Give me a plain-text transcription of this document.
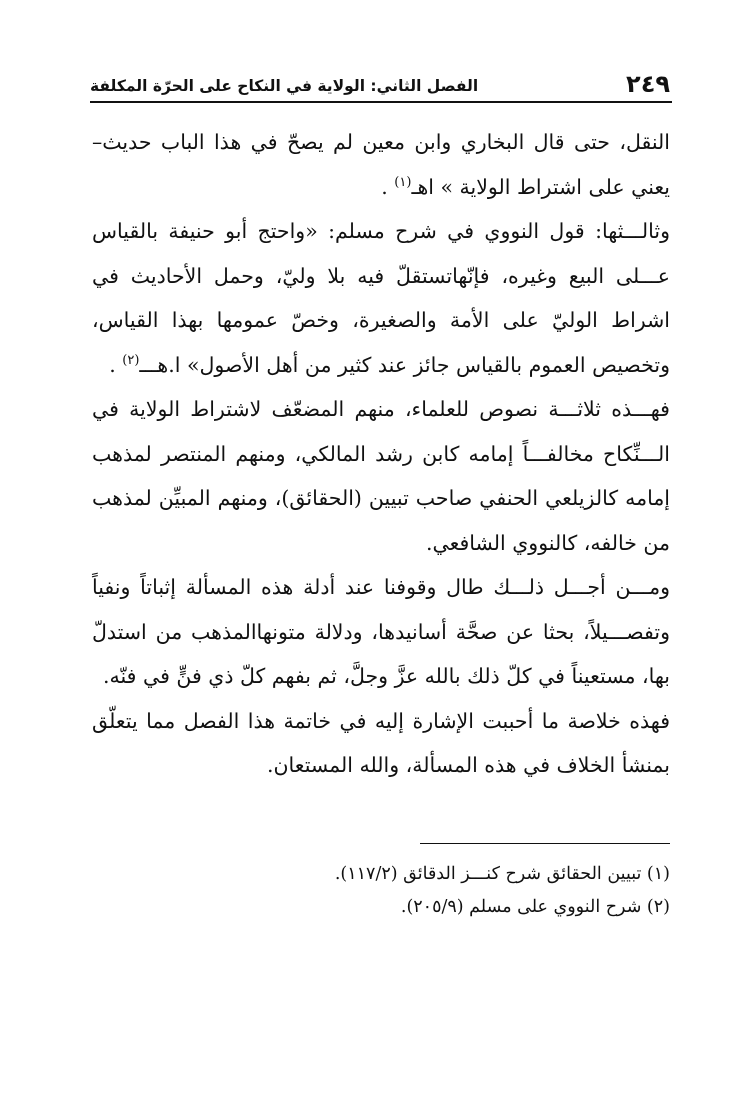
٢٤٩
الفصل الثاني: الولاية في النكاح على الحرّة المكلفة

النقل، حتى قال البخاري وابن معين لم يصحّ في هذا الباب حديث– يعني على اشتراط الولاية » اهـ$^{(١)}$ .

وثالـــثها: قول النووي في شرح مسلم: «واحتج أبو حنيفة بالقياس عـــلى البيع وغيره، فإنّهاتستقلّ فيه بلا وليّ، وحمل الأحاديث في اشراط الوليّ على الأمة والصغيرة، وخصّ عمومها بهذا القياس، وتخصيص العموم بالقياس جائز عند كثير من أهل الأصول» ا.هـــ$^{(٢)}$ .

فهـــذه ثلاثـــة نصوص للعلماء، منهم المضعّف لاشتراط الولاية في الـــنِّكاح مخالفـــاً إمامه كابن رشد المالكي، ومنهم المنتصر لمذهب إمامه كالزيلعي الحنفي صاحب تبيين (الحقائق)، ومنهم المبيِّن لمذهب من خالفه، كالنووي الشافعي.

ومـــن أجـــل ذلـــك طال وقوفنا عند أدلة هذه المسألة إثباتاً ونفياً وتفصـــيلاً، بحثا عن صحَّة أسانيدها، ودلالة متونهاالمذهب من استدلّ بها، مستعيناً في كلّ ذلك بالله عزَّ وجلَّ، ثم بفهم كلّ ذي فنٍّ في فنّه.

فهذه خلاصة ما أحببت الإشارة إليه في خاتمة هذا الفصل مما يتعلّق بمنشأ الخلاف في هذه المسألة، والله المستعان.

(١) تبيين الحقائق شرح كنـــز الدقائق (١١٧/٢).
(٢) شرح النووي على مسلم (٢٠٥/٩).
